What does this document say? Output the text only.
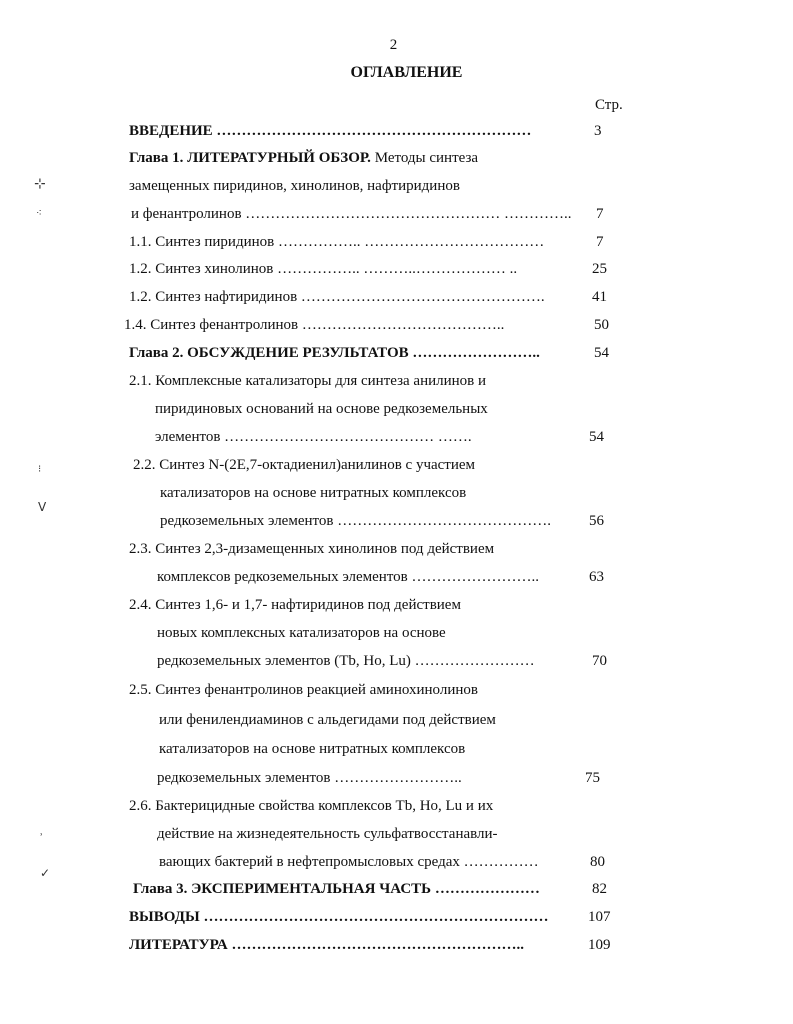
2
ОГЛАВЛЕНИЕ
Стр.
ВВЕДЕНИЕ ………………………………………………………	3
Глава 1. ЛИТЕРАТУРНЫЙ ОБЗОР. Методы синтеза
замещенных пиридинов, хинолинов, нафтиридинов
и фенантролинов …………………………………………… ………….. 7
1.1. Синтез пиридинов …………….. ………………………………	7
1.2. Синтез хинолинов …………….. ………..……………… ..	25
1.2. Синтез нафтиридинов ………………………………………….	41
1.4. Синтез фенантролинов …………………………………..	50
Глава 2. ОБСУЖДЕНИЕ РЕЗУЛЬТАТОВ ……………………..	54
2.1. Комплексные катализаторы для синтеза анилинов и
пиридиновых оснований на основе редкоземельных
элементов …………………………………… …….	54
2.2. Синтез N-(2E,7-октадиенил)анилинов с участием
катализаторов на основе нитратных комплексов
редкоземельных элементов …………………………………….	56
2.3. Синтез 2,3-дизамещенных хинолинов под действием
комплексов редкоземельных элементов ……………………..	63
2.4. Синтез 1,6- и 1,7- нафтиридинов под действием
новых комплексных катализаторов на основе
редкоземельных элементов (Tb, Ho, Lu) ……………………	70
2.5. Синтез фенантролинов реакцией аминохинолинов
или фенилендиаминов с альдегидами под действием
катализаторов на основе нитратных комплексов
редкоземельных элементов ……………………..	75
2.6. Бактерицидные свойства комплексов Tb, Ho, Lu и их
действие на жизнедеятельность сульфатвосстанавли-
вающих бактерий в нефтепромысловых средах ……………	80
Глава 3. ЭКСПЕРИМЕНТАЛЬНАЯ ЧАСТЬ …………………	82
ВЫВОДЫ ……………………………………………………………	107
ЛИТЕРАТУРА …………………………………………………..	109
⊹
⁖
⁝
ᐯ
˒
✓
